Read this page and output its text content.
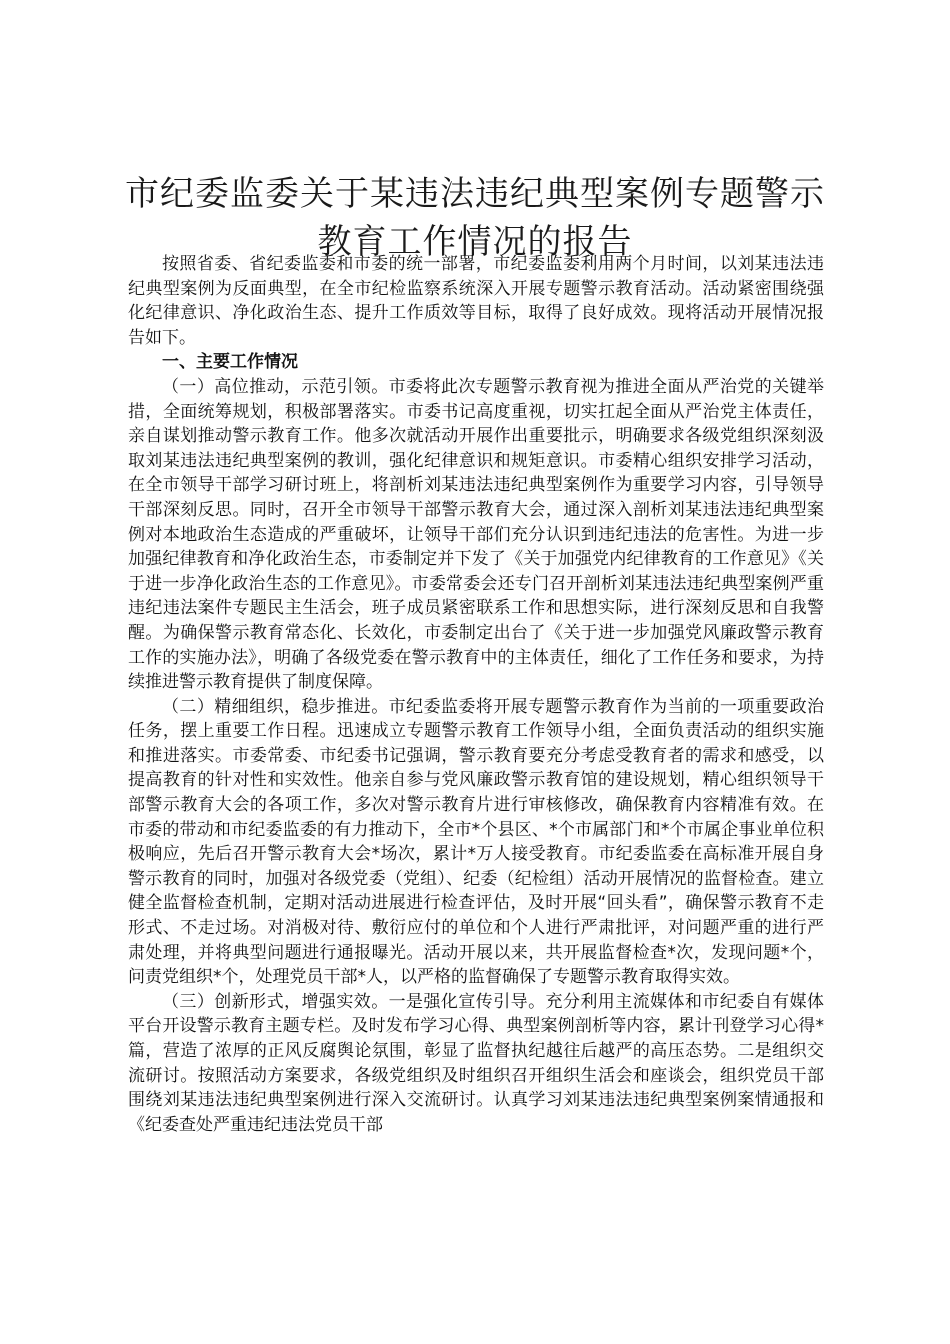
市纪委监委关于某违法违纪典型案例专题警示
教育工作情况的报告

按照省委、省纪委监委和市委的统一部署，市纪委监委利用两个月时间，以刘某违法违纪典型案例为反面典型，在全市纪检监察系统深入开展专题警示教育活动。活动紧密围绕强化纪律意识、净化政治生态、提升工作质效等目标，取得了良好成效。现将活动开展情况报告如下。

一、主要工作情况

（一）高位推动，示范引领。市委将此次专题警示教育视为推进全面从严治党的关键举措，全面统筹规划，积极部署落实。市委书记高度重视，切实扛起全面从严治党主体责任，亲自谋划推动警示教育工作。他多次就活动开展作出重要批示，明确要求各级党组织深刻汲取刘某违法违纪典型案例的教训，强化纪律意识和规矩意识。市委精心组织安排学习活动，在全市领导干部学习研讨班上，将剖析刘某违法违纪典型案例作为重要学习内容，引导领导干部深刻反思。同时，召开全市领导干部警示教育大会，通过深入剖析刘某违法违纪典型案例对本地政治生态造成的严重破坏，让领导干部们充分认识到违纪违法的危害性。为进一步加强纪律教育和净化政治生态，市委制定并下发了《关于加强党内纪律教育的工作意见》《关于进一步净化政治生态的工作意见》。市委常委会还专门召开剖析刘某违法违纪典型案例严重违纪违法案件专题民主生活会，班子成员紧密联系工作和思想实际，进行深刻反思和自我警醒。为确保警示教育常态化、长效化，市委制定出台了《关于进一步加强党风廉政警示教育工作的实施办法》，明确了各级党委在警示教育中的主体责任，细化了工作任务和要求，为持续推进警示教育提供了制度保障。

（二）精细组织，稳步推进。市纪委监委将开展专题警示教育作为当前的一项重要政治任务，摆上重要工作日程。迅速成立专题警示教育工作领导小组，全面负责活动的组织实施和推进落实。市委常委、市纪委书记强调，警示教育要充分考虑受教育者的需求和感受，以提高教育的针对性和实效性。他亲自参与党风廉政警示教育馆的建设规划，精心组织领导干部警示教育大会的各项工作，多次对警示教育片进行审核修改，确保教育内容精准有效。在市委的带动和市纪委监委的有力推动下，全市*个县区、*个市属部门和*个市属企事业单位积极响应，先后召开警示教育大会*场次，累计*万人接受教育。市纪委监委在高标准开展自身警示教育的同时，加强对各级党委（党组）、纪委（纪检组）活动开展情况的监督检查。建立健全监督检查机制，定期对活动进展进行检查评估，及时开展“回头看”，确保警示教育不走形式、不走过场。对消极对待、敷衍应付的单位和个人进行严肃批评，对问题严重的进行严肃处理，并将典型问题进行通报曝光。活动开展以来，共开展监督检查*次，发现问题*个，问责党组织*个，处理党员干部*人，以严格的监督确保了专题警示教育取得实效。

（三）创新形式，增强实效。一是强化宣传引导。充分利用主流媒体和市纪委自有媒体平台开设警示教育主题专栏。及时发布学习心得、典型案例剖析等内容，累计刊登学习心得*篇，营造了浓厚的正风反腐舆论氛围，彰显了监督执纪越往后越严的高压态势。二是组织交流研讨。按照活动方案要求，各级党组织及时组织召开组织生活会和座谈会，组织党员干部围绕刘某违法违纪典型案例进行深入交流研讨。认真学习刘某违法违纪典型案例案情通报和《纪委查处严重违纪违法党员干部
